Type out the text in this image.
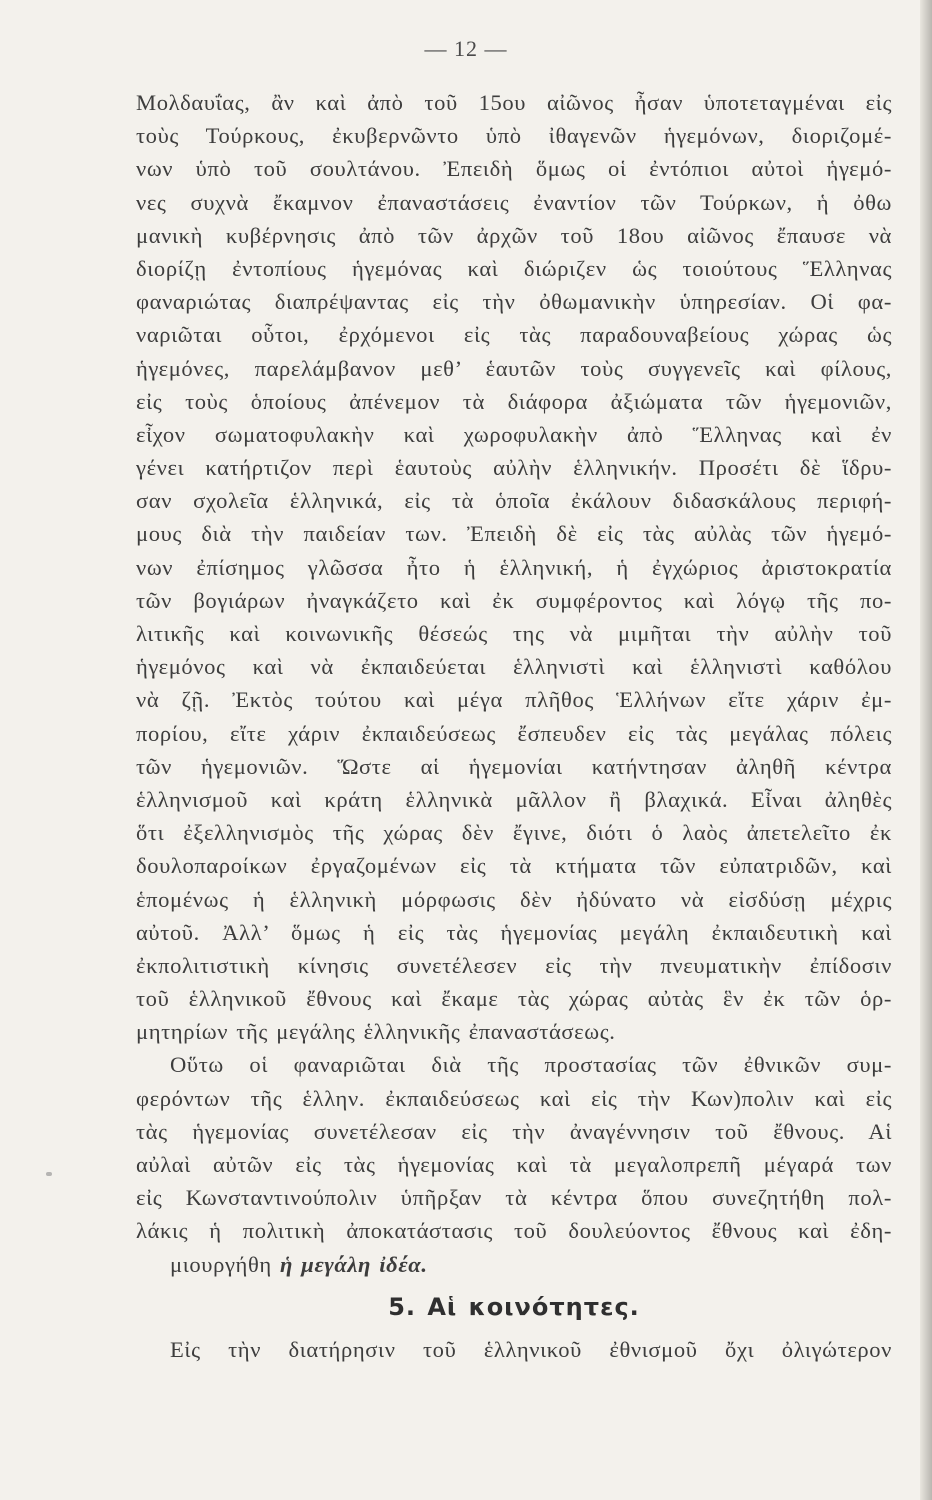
— 12 —
Μολδαυΐας, ἂν καὶ ἀπὸ τοῦ 15ου αἰῶνος ἦσαν ὑποτεταγμέναι εἰς
τοὺς Τούρκους, ἐκυβερνῶντο ὑπὸ ἰθαγενῶν ἡγεμόνων, διοριζομέ-
νων ὑπὸ τοῦ σουλτάνου. Ἐπειδὴ ὅμως οἱ ἐντόπιοι αὐτοὶ ἡγεμό-
νες συχνὰ ἔκαμνον ἐπαναστάσεις ἐναντίον τῶν Τούρκων, ἡ ὀθω
μανικὴ κυβέρνησις ἀπὸ τῶν ἀρχῶν τοῦ 18ου αἰῶνος ἔπαυσε νὰ
διορίζῃ ἐντοπίους ἡγεμόνας καὶ διώριζεν ὡς τοιούτους Ἕλληνας
φαναριώτας διαπρέψαντας εἰς τὴν ὀθωμανικὴν ὑπηρεσίαν. Οἱ φα-
ναριῶται οὗτοι, ἐρχόμενοι εἰς τὰς παραδουναβείους χώρας ὡς
ἡγεμόνες, παρελάμβανον μεθ’ ἑαυτῶν τοὺς συγγενεῖς καὶ φίλους,
εἰς τοὺς ὁποίους ἀπένεμον τὰ διάφορα ἀξιώματα τῶν ἡγεμονιῶν,
εἶχον σωματοφυλακὴν καὶ χωροφυλακὴν ἀπὸ Ἕλληνας καὶ ἐν
γένει κατήρτιζον περὶ ἑαυτοὺς αὐλὴν ἑλληνικήν. Προσέτι δὲ ἵδρυ-
σαν σχολεῖα ἑλληνικά, εἰς τὰ ὁποῖα ἐκάλουν διδασκάλους περιφή-
μους διὰ τὴν παιδείαν των. Ἐπειδὴ δὲ εἰς τὰς αὐλὰς τῶν ἡγεμό-
νων ἐπίσημος γλῶσσα ἦτο ἡ ἑλληνική, ἡ ἐγχώριος ἀριστοκρατία
τῶν βογιάρων ἠναγκάζετο καὶ ἐκ συμφέροντος καὶ λόγῳ τῆς πο-
λιτικῆς καὶ κοινωνικῆς θέσεώς της νὰ μιμῆται τὴν αὐλὴν τοῦ
ἡγεμόνος καὶ νὰ ἐκπαιδεύεται ἑλληνιστὶ καὶ ἑλληνιστὶ καθόλου
νὰ ζῇ. Ἐκτὸς τούτου καὶ μέγα πλῆθος Ἑλλήνων εἴτε χάριν ἐμ-
πορίου, εἴτε χάριν ἐκπαιδεύσεως ἔσπευδεν εἰς τὰς μεγάλας πόλεις
τῶν ἡγεμονιῶν. Ὥστε αἱ ἡγεμονίαι κατήντησαν ἀληθῆ κέντρα
ἑλληνισμοῦ καὶ κράτη ἑλληνικὰ μᾶλλον ἢ βλαχικά. Εἶναι ἀληθὲς
ὅτι ἐξελληνισμὸς τῆς χώρας δὲν ἔγινε, διότι ὁ λαὸς ἀπετελεῖτο ἐκ
δουλοπαροίκων ἐργαζομένων εἰς τὰ κτήματα τῶν εὐπατριδῶν, καὶ
ἑπομένως ἡ ἑλληνικὴ μόρφωσις δὲν ἠδύνατο νὰ εἰσδύσῃ μέχρις
αὐτοῦ. Ἀλλ’ ὅμως ἡ εἰς τὰς ἡγεμονίας μεγάλη ἐκπαιδευτικὴ καὶ
ἐκπολιτιστικὴ κίνησις συνετέλεσεν εἰς τὴν πνευματικὴν ἐπίδοσιν
τοῦ ἑλληνικοῦ ἔθνους καὶ ἔκαμε τὰς χώρας αὐτὰς ἓν ἐκ τῶν ὁρ-
μητηρίων τῆς μεγάλης ἑλληνικῆς ἐπαναστάσεως.
Οὕτω οἱ φαναριῶται διὰ τῆς προστασίας τῶν ἐθνικῶν συμ-
φερόντων τῆς ἑλλην. ἐκπαιδεύσεως καὶ εἰς τὴν Κων)πολιν καὶ εἰς
τὰς ἡγεμονίας συνετέλεσαν εἰς τὴν ἀναγέννησιν τοῦ ἔθνους. Αἱ
αὐλαὶ αὐτῶν εἰς τὰς ἡγεμονίας καὶ τὰ μεγαλοπρεπῆ μέγαρά των
εἰς Κωνσταντινούπολιν ὑπῆρξαν τὰ κέντρα ὅπου συνεζητήθη πολ-
λάκις ἡ πολιτικὴ ἀποκατάστασις τοῦ δουλεύοντος ἔθνους καὶ ἐδη-
μιουργήθη ἡ μεγάλη ἰδέα.
5. Αἱ κοινότητες.
Εἰς τὴν διατήρησιν τοῦ ἑλληνικοῦ ἐθνισμοῦ ὄχι ὀλιγώτερον
